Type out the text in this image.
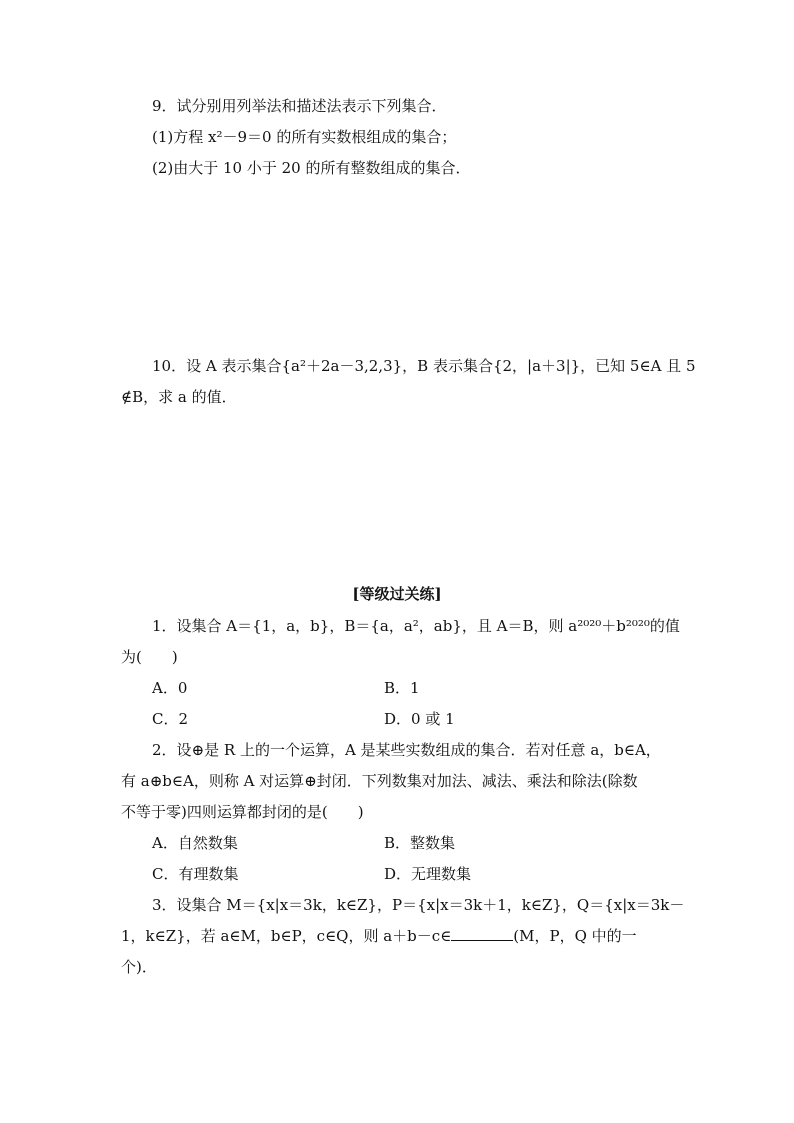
9．试分别用列举法和描述法表示下列集合．
(1)方程 x²－9＝0 的所有实数根组成的集合；
(2)由大于 10 小于 20 的所有整数组成的集合．
10．设 A 表示集合{a²＋2a－3,2,3}，B 表示集合{2，|a＋3|}，已知 5∈A 且 5
∉B，求 a 的值．
[等级过关练]
1．设集合 A＝{1，a，b}，B＝{a，a²，ab}，且 A＝B，则 a²⁰²⁰＋b²⁰²⁰的值
为(　　)
A．0	B．1
C．2	D．0 或 1
2．设⊕是 R 上的一个运算，A 是某些实数组成的集合．若对任意 a，b∈A，
有 a⊕b∈A，则称 A 对运算⊕封闭．下列数集对加法、减法、乘法和除法(除数
不等于零)四则运算都封闭的是(　　)
A．自然数集	B．整数集
C．有理数集	D．无理数集
3．设集合 M＝{x|x＝3k，k∈Z}，P＝{x|x＝3k＋1，k∈Z}，Q＝{x|x＝3k－
1，k∈Z}，若 a∈M，b∈P，c∈Q，则 a＋b－c∈	(M，P，Q 中的一
个)．
